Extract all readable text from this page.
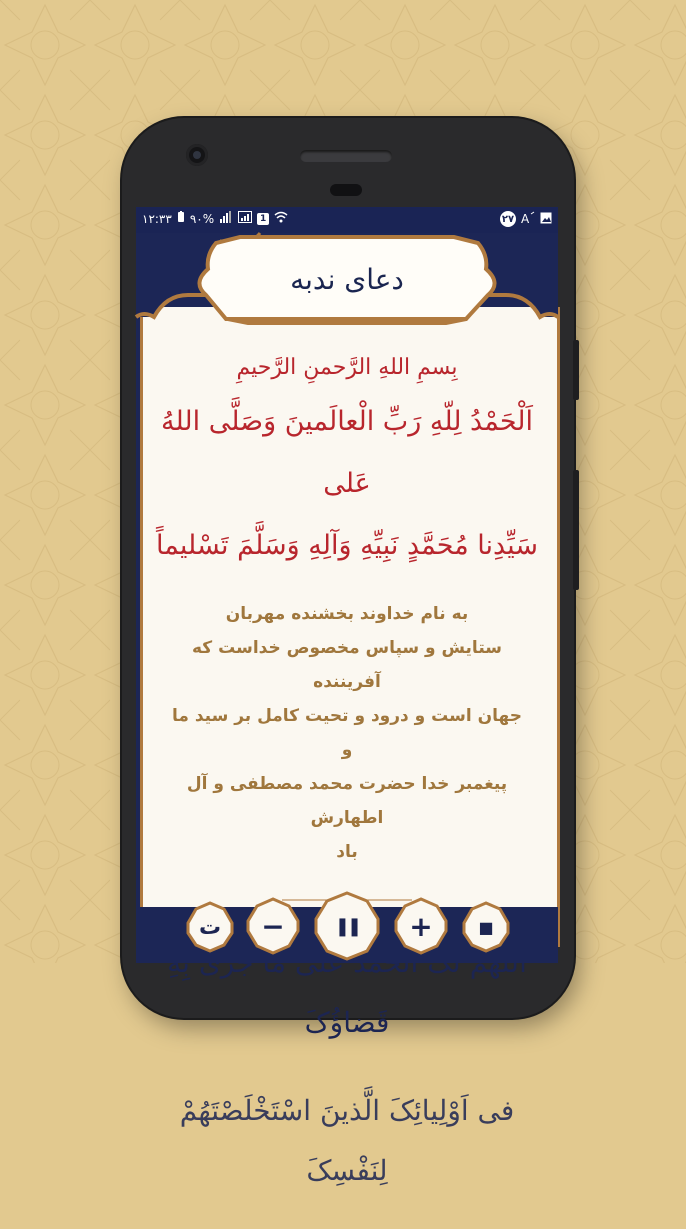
۱۲:۳۳ ۹۰%	1	۲۷ A
دعای ندبه

بِسمِ اللهِ الرَّحمنِ الرَّحیمِ

اَلْحَمْدُ لِلّهِ رَبِّ الْعالَمینَ وَصَلَّی اللهُ عَلی

سَیِّدِنا مُحَمَّدٍ نَبِیِّهِ وَآلِهِ وَسَلَّمَ تَسْلیماً

به نام خداوند بخشنده مهربان

ستایش و سپاس مخصوص خداست که آفریننده

جهان است و درود و تحیت کامل بر سید ما و

پیغمبر خدا حضرت محمد مصطفی و آل اطهارش

باد

قَضاؤُکَ

فی اَوْلِیائِکَ الَّذینَ اسْتَخْلَصْتَهُمْ لِنَفْسِکَ

ت	−	❚❚	+	■
